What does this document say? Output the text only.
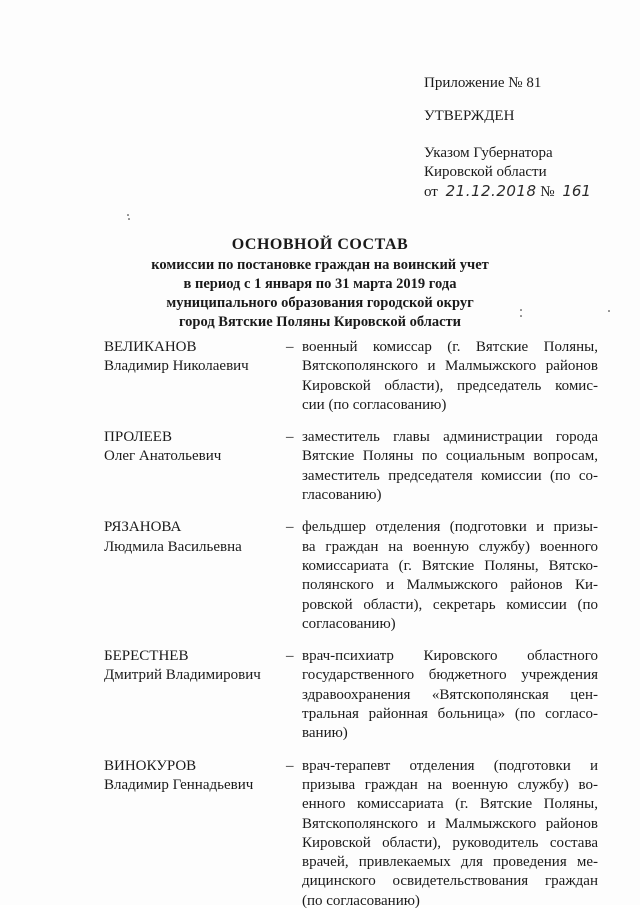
Приложение № 81
УТВЕРЖДЕН
Указом Губернатора
Кировской области
от 21.12.2018 № 161
ОСНОВНОЙ СОСТАВ
комиссии по постановке граждан на воинский учет
в период с 1 января по 31 марта 2019 года
муниципального образования городской округ
город Вятские Поляны Кировской области
ВЕЛИКАНОВ
Владимир Николаевич
– военный комиссар (г. Вятские Поляны,
Вятскополянского и Малмыжского районов
Кировской области), председатель комис-
сии (по согласованию)
ПРОЛЕЕВ
Олег Анатольевич
– заместитель главы администрации города
Вятские Поляны по социальным вопросам,
заместитель председателя комиссии (по со-
гласованию)
РЯЗАНОВА
Людмила Васильевна
– фельдшер отделения (подготовки и призы-
ва граждан на военную службу) военного
комиссариата (г. Вятские Поляны, Вятско-
полянского и Малмыжского районов Ки-
ровской области), секретарь комиссии (по
согласованию)
БЕРЕСТНЕВ
Дмитрий Владимирович
– врач-психиатр Кировского областного
государственного бюджетного учреждения
здравоохранения «Вятскополянская цен-
тральная районная больница» (по согласо-
ванию)
ВИНОКУРОВ
Владимир Геннадьевич
– врач-терапевт отделения (подготовки и
призыва граждан на военную службу) во-
енного комиссариата (г. Вятские Поляны,
Вятскополянского и Малмыжского районов
Кировской области), руководитель состава
врачей, привлекаемых для проведения ме-
дицинского освидетельствования граждан
(по согласованию)
